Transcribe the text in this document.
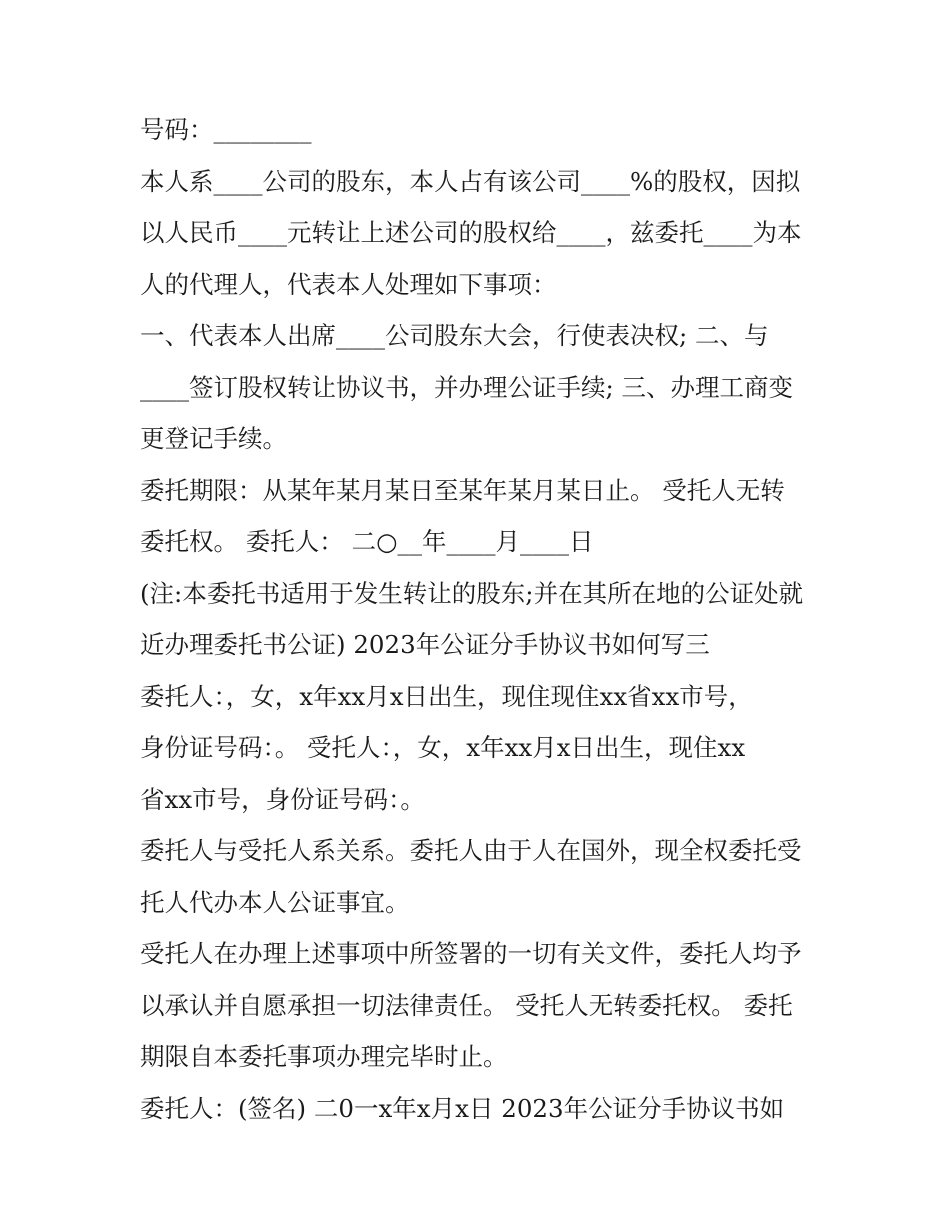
号码：________
本人系____公司的股东，本人占有该公司____%的股权，因拟
以人民币____元转让上述公司的股权给____，兹委托____为本
人的代理人，代表本人处理如下事项：
一、代表本人出席____公司股东大会，行使表决权; 二、与
____签订股权转让协议书，并办理公证手续; 三、办理工商变
更登记手续。
委托期限：从某年某月某日至某年某月某日止。 受托人无转
委托权。 委托人： 二○__年____月____日
(注:本委托书适用于发生转让的股东;并在其所在地的公证处就
近办理委托书公证) 2023年公证分手协议书如何写三
委托人：，女，x年xx月x日出生，现住现住xx省xx市号，
身份证号码：。 受托人：，女，x年xx月x日出生，现住xx
省xx市号，身份证号码：。
委托人与受托人系关系。委托人由于人在国外，现全权委托受
托人代办本人公证事宜。
受托人在办理上述事项中所签署的一切有关文件，委托人均予
以承认并自愿承担一切法律责任。 受托人无转委托权。 委托
期限自本委托事项办理完毕时止。
委托人：(签名) 二0一x年x月x日 2023年公证分手协议书如
